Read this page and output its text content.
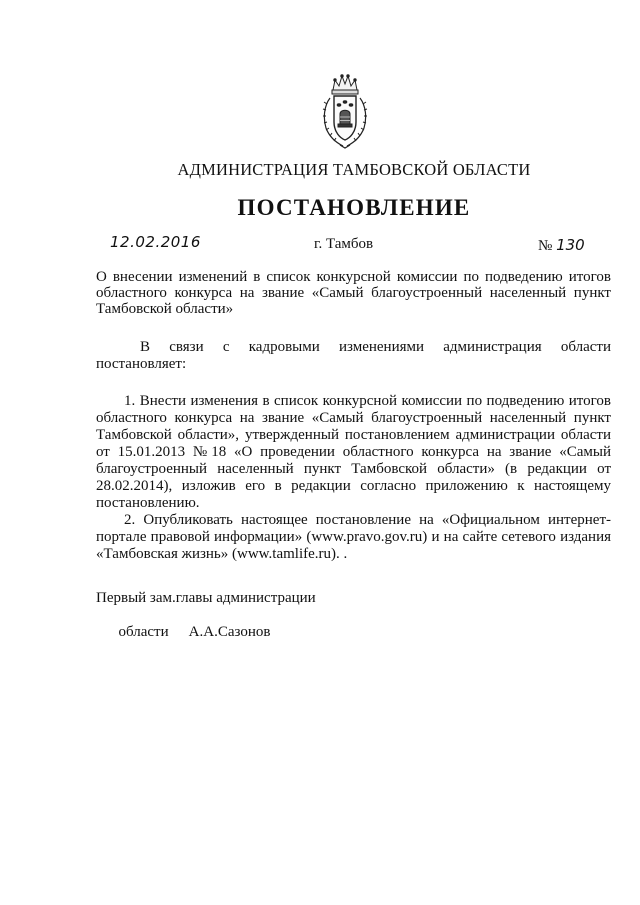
АДМИНИСТРАЦИЯ ТАМБОВСКОЙ ОБЛАСТИ
ПОСТАНОВЛЕНИЕ
12.02.2016	г. Тамбов	№ 130
О внесении изменений в список конкурсной комиссии по подведению итогов областного конкурса на звание «Самый благоустроенный населенный пункт Тамбовской области»

В связи с кадровыми изменениями администрация области постановляет:

1. Внести изменения в список конкурсной комиссии по подведению итогов областного конкурса на звание «Самый благоустроенный населенный пункт Тамбовской области», утвержденный постановлением администрации области от 15.01.2013 №18 «О проведении областного конкурса на звание «Самый благоустроенный населенный пункт Тамбовской области» (в редакции от 28.02.2014), изложив его в редакции согласно приложению к настоящему постановлению.

2. Опубликовать настоящее постановление на «Официальном интернет-портале правовой информации» (www.pravo.gov.ru) и на сайте сетевого издания «Тамбовская жизнь» (www.tamlife.ru). .

Первый зам.главы администрации

области А.А.Сазонов
